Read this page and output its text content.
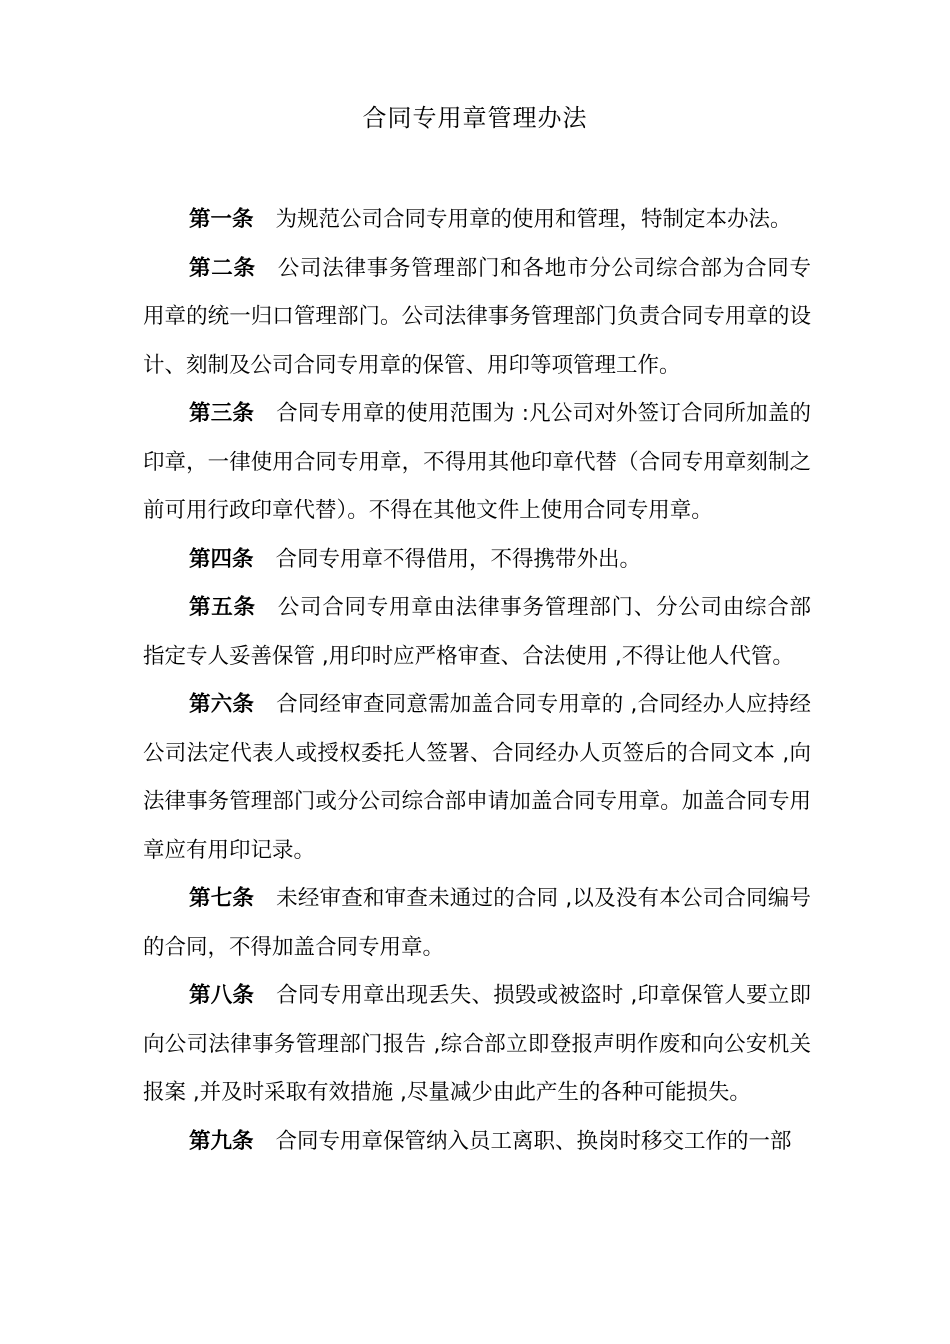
合同专用章管理办法

第一条 为规范公司合同专用章的使用和管理，特制定本办法。

第二条 公司法律事务管理部门和各地市分公司综合部为合同专用章的统一归口管理部门。公司法律事务管理部门负责合同专用章的设计、刻制及公司合同专用章的保管、用印等项管理工作。

第三条 合同专用章的使用范围为 :凡公司对外签订合同所加盖的印章，一律使用合同专用章，不得用其他印章代替（合同专用章刻制之前可用行政印章代替）。不得在其他文件上使用合同专用章。

第四条 合同专用章不得借用，不得携带外出。

第五条 公司合同专用章由法律事务管理部门、分公司由综合部指定专人妥善保管 ,用印时应严格审查、合法使用 ,不得让他人代管。

第六条 合同经审查同意需加盖合同专用章的 ,合同经办人应持经公司法定代表人或授权委托人签署、合同经办人页签后的合同文本 ,向法律事务管理部门或分公司综合部申请加盖合同专用章。加盖合同专用章应有用印记录。

第七条 未经审查和审查未通过的合同 ,以及没有本公司合同编号的合同，不得加盖合同专用章。

第八条 合同专用章出现丢失、损毁或被盗时 ,印章保管人要立即向公司法律事务管理部门报告 ,综合部立即登报声明作废和向公安机关报案 ,并及时采取有效措施 ,尽量减少由此产生的各种可能损失。

第九条 合同专用章保管纳入员工离职、换岗时移交工作的一部
